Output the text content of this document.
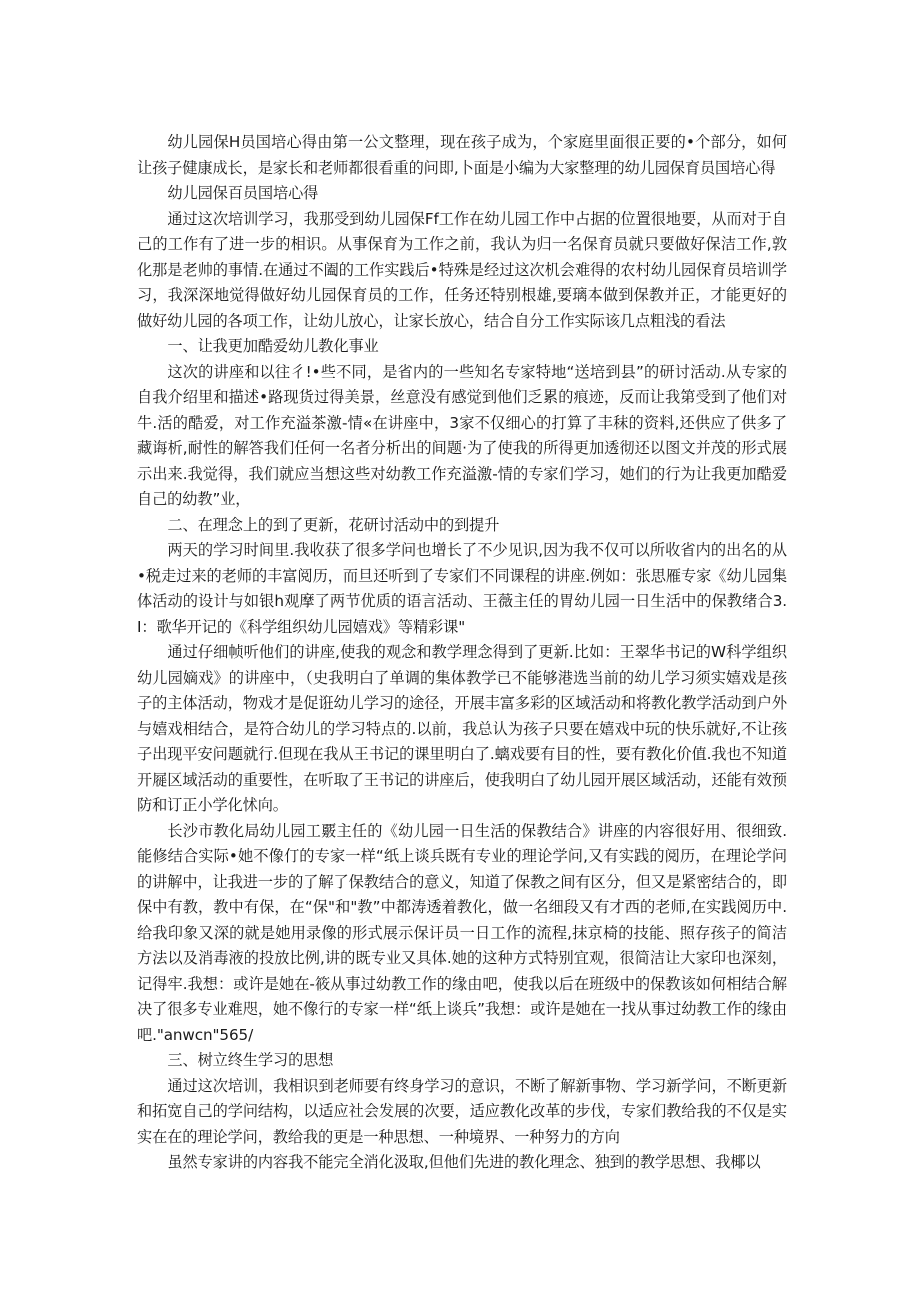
幼儿园保H员国培心得由第一公文整理，现在孩子成为，个家庭里面很正要的•个部分，如何让孩子健康成长，是家长和老师都很看重的问即,卜面是小编为大家整理的幼儿园保育员国培心得

幼儿园保百员国培心得

通过这次培训学习，我那受到幼儿园保Ff工作在幼儿园工作中占据的位置很地要，从而对于自己的工作有了进一步的相识。从事保育为工作之前，我认为归一名保育员就只要做好保洁工作,敦化那是老帅的事情.在通过不阖的工作实践后•特殊是经过这次机会难得的农村幼儿园保育员培训学习，我深深地觉得做好幼儿园保育员的工作，任务还特别根雄,要璃本做到保教并正，才能更好的做好幼儿园的各项工作，让幼儿放心，让家长放心，结合自分工作实际该几点粗浅的看法

一、让我更加酷爱幼儿教化事业

这次的讲座和以往彳!•些不同，是省内的一些知名专家特地“送培到县”的研讨活动.从专家的自我介绍里和描述•路现货过得美景，丝意没有感觉到他们乏累的痕迹，反而让我第受到了他们对牛.活的酷爱，对工作充溢茶激-情«在讲座中，3家不仅细心的打算了丰秣的资料,还供应了供多了藏诲析,耐性的解答我们任何一名者分析出的间题·为了使我的所得更加透彻还以图文并茂的形式展示出来.我觉得，我们就应当想这些对幼教工作充溢激-情的专家们学习，她们的行为让我更加酷爱自己的幼教”业，

二、在理念上的到了更新，花研讨活动中的到提升

两天的学习时间里.我收获了很多学问也增长了不少见识,因为我不仅可以所收省内的出名的从•税走过来的老师的丰富阅历，而旦还听到了专家们不同课程的讲座.例如：张思雁专家《幼儿园集体活动的设计与如银h观摩了两节优质的语言活动、王薇主任的胃幼儿园一日生活中的保教绪合3.I：歌华开记的《科学组织幼儿园嬉戏》等精彩课"

通过仔细帧听他们的讲座,使我的观念和教学理念得到了更新.比如：王翠华书记的W科学组织幼儿园嫡戏》的讲座中，（史我明白了单调的集体教学已不能够港选当前的幼儿学习须实嬉戏是孩子的主体活动，物戏才是促诳幼儿学习的途径，开展丰富多彩的区域活动和将教化教学活动到户外与嬉戏相结合，是符合幼儿的学习特点的.以前，我总认为孩子只要在嬉戏中玩的快乐就好,不让孩子出现平安问题就行.但现在我从王书记的课里明白了.螭戏要有目的性，要有教化价值.我也不知道开屣区域活动的重要性，在听取了王书记的讲座后，使我明白了幼儿园开展区域活动，还能有效预防和订正小学化怵向。

长沙市教化局幼儿园工覈主任的《幼儿园一日生活的保教结合》讲座的内容很好用、很细致.能修结合实际•她不像仃的专家一样“纸上谈兵既有专业的理论学问,又有实践的阅历，在理论学问的讲解中，让我进一步的了解了保教结合的意义，知道了保教之间有区分，但又是紧密结合的，即保中有教，教中有保，在“保"和"教”中都涛透着教化，做一名细段又有才西的老师,在实践阅历中.给我印象又深的就是她用录像的形式展示保讦员一日工作的流程,抹京椅的技能、照存孩子的简洁方法以及消毒液的投放比例,讲的既专业又具体.她的这种方式特别宜观，很简洁让大家印也深刻，记得牢.我想：或许是她在-筱从事过幼教工作的缘由吧，使我以后在班级中的保教该如何相结合解决了很多专业难咫，她不像行的专家一样“纸上谈兵”我想：或许是她在一找从事过幼教工作的缘由吧."anwcn"565/

三、树立终生学习的思想

通过这次培训，我相识到老师要有终身学习的意识，不断了解新事物、学习新学问，不断更新和拓宽自己的学问结构，以适应社会发展的次要，适应教化改革的步伐，专家们教给我的不仅是实实在在的理论学问，教给我的更是一种思想、一种境界、一种努力的方向

虽然专家讲的内容我不能完全消化汲取,但他们先进的教化理念、独到的教学思想、我椰以
